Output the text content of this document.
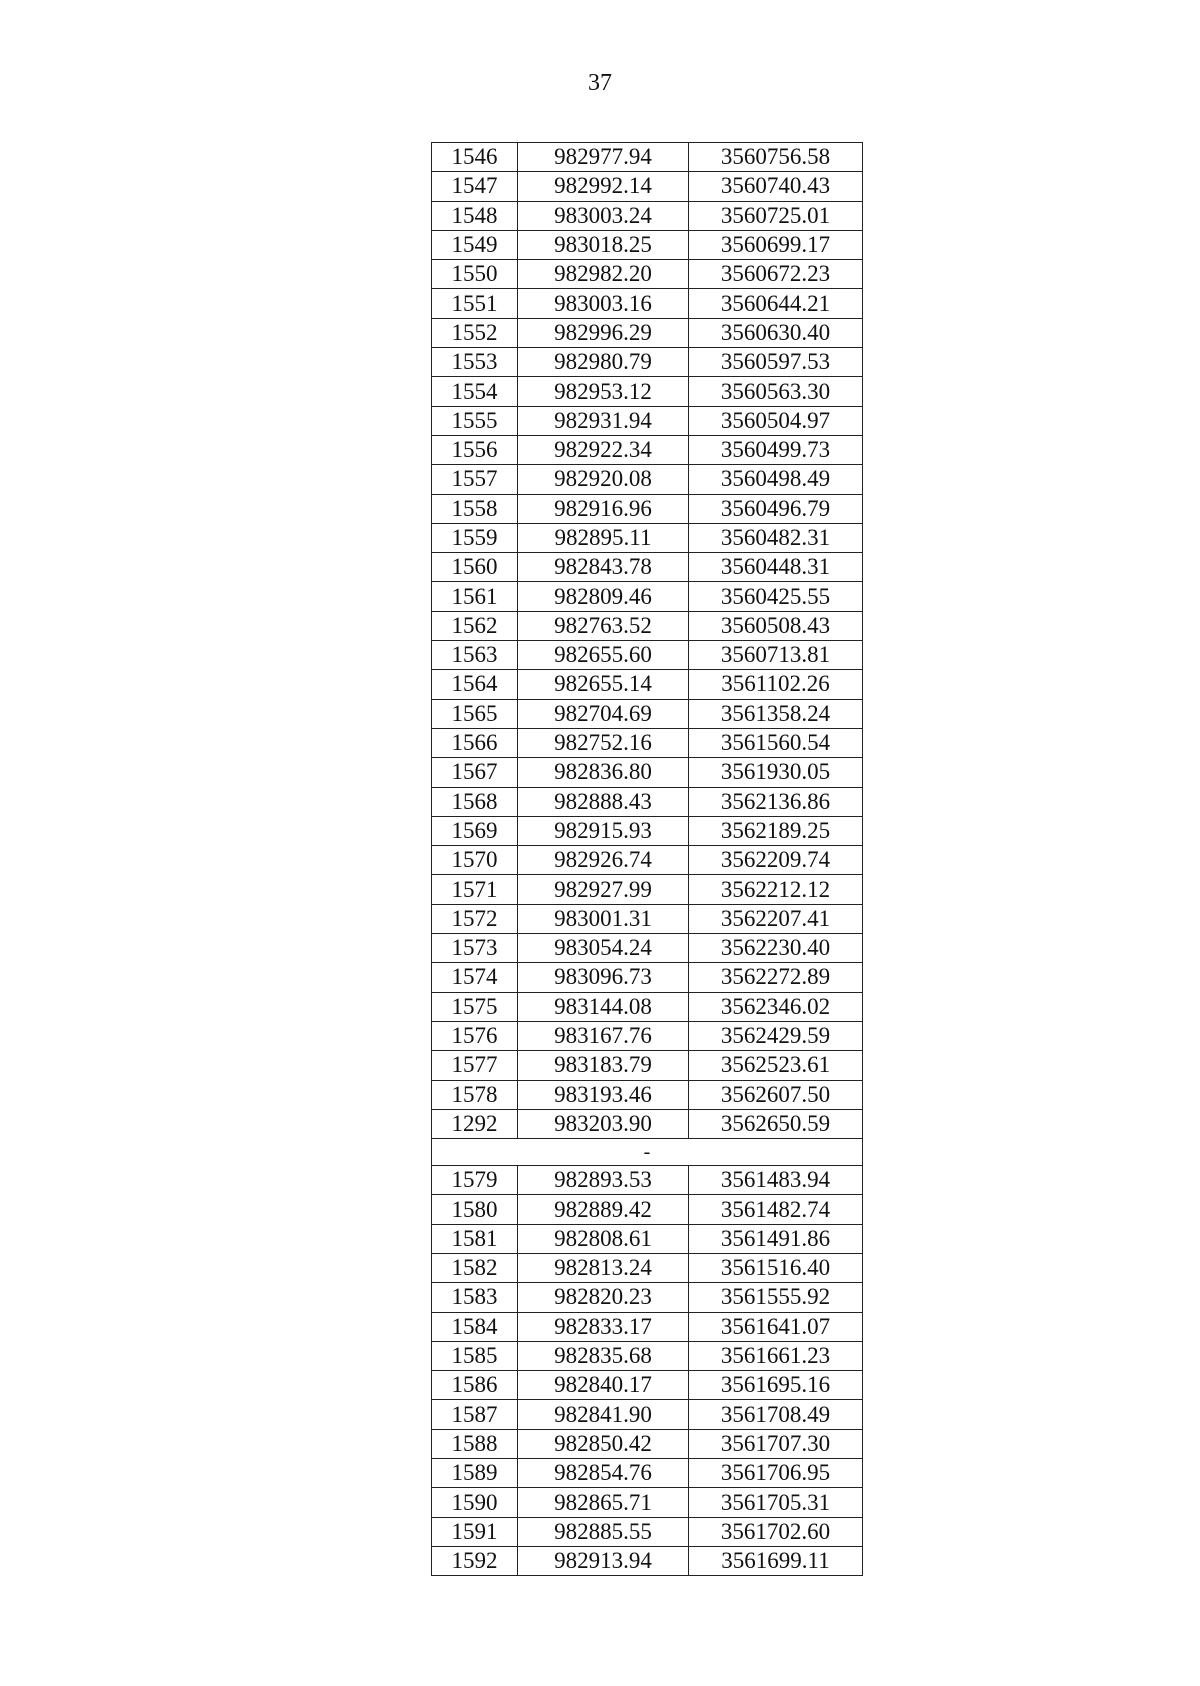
37
1546	982977.94	3560756.58
1547	982992.14	3560740.43
1548	983003.24	3560725.01
1549	983018.25	3560699.17
1550	982982.20	3560672.23
1551	983003.16	3560644.21
1552	982996.29	3560630.40
1553	982980.79	3560597.53
1554	982953.12	3560563.30
1555	982931.94	3560504.97
1556	982922.34	3560499.73
1557	982920.08	3560498.49
1558	982916.96	3560496.79
1559	982895.11	3560482.31
1560	982843.78	3560448.31
1561	982809.46	3560425.55
1562	982763.52	3560508.43
1563	982655.60	3560713.81
1564	982655.14	3561102.26
1565	982704.69	3561358.24
1566	982752.16	3561560.54
1567	982836.80	3561930.05
1568	982888.43	3562136.86
1569	982915.93	3562189.25
1570	982926.74	3562209.74
1571	982927.99	3562212.12
1572	983001.31	3562207.41
1573	983054.24	3562230.40
1574	983096.73	3562272.89
1575	983144.08	3562346.02
1576	983167.76	3562429.59
1577	983183.79	3562523.61
1578	983193.46	3562607.50
1292	983203.90	3562650.59
-		
1579	982893.53	3561483.94
1580	982889.42	3561482.74
1581	982808.61	3561491.86
1582	982813.24	3561516.40
1583	982820.23	3561555.92
1584	982833.17	3561641.07
1585	982835.68	3561661.23
1586	982840.17	3561695.16
1587	982841.90	3561708.49
1588	982850.42	3561707.30
1589	982854.76	3561706.95
1590	982865.71	3561705.31
1591	982885.55	3561702.60
1592	982913.94	3561699.11
